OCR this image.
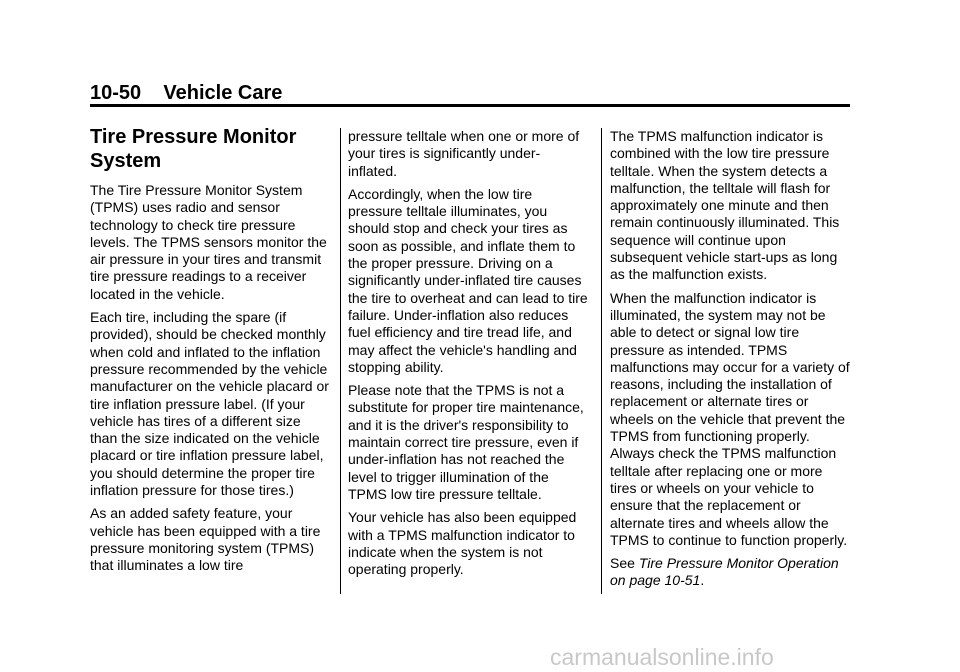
10-50 Vehicle Care
Tire Pressure Monitor System

The Tire Pressure Monitor System (TPMS) uses radio and sensor technology to check tire pressure levels. The TPMS sensors monitor the air pressure in your tires and transmit tire pressure readings to a receiver located in the vehicle.

Each tire, including the spare (if provided), should be checked monthly when cold and inflated to the inflation pressure recommended by the vehicle manufacturer on the vehicle placard or tire inflation pressure label. (If your vehicle has tires of a different size than the size indicated on the vehicle placard or tire inflation pressure label, you should determine the proper tire inflation pressure for those tires.)

As an added safety feature, your vehicle has been equipped with a tire pressure monitoring system (TPMS) that illuminates a low tire

pressure telltale when one or more of your tires is significantly under-inflated.

Accordingly, when the low tire pressure telltale illuminates, you should stop and check your tires as soon as possible, and inflate them to the proper pressure. Driving on a significantly under-inflated tire causes the tire to overheat and can lead to tire failure. Under-inflation also reduces fuel efficiency and tire tread life, and may affect the vehicle's handling and stopping ability.

Please note that the TPMS is not a substitute for proper tire maintenance, and it is the driver's responsibility to maintain correct tire pressure, even if under-inflation has not reached the level to trigger illumination of the TPMS low tire pressure telltale.

Your vehicle has also been equipped with a TPMS malfunction indicator to indicate when the system is not operating properly.

The TPMS malfunction indicator is combined with the low tire pressure telltale. When the system detects a malfunction, the telltale will flash for approximately one minute and then remain continuously illuminated. This sequence will continue upon subsequent vehicle start-ups as long as the malfunction exists.

When the malfunction indicator is illuminated, the system may not be able to detect or signal low tire pressure as intended. TPMS malfunctions may occur for a variety of reasons, including the installation of replacement or alternate tires or wheels on the vehicle that prevent the TPMS from functioning properly. Always check the TPMS malfunction telltale after replacing one or more tires or wheels on your vehicle to ensure that the replacement or alternate tires and wheels allow the TPMS to continue to function properly.

See Tire Pressure Monitor Operation on page 10-51.

carmanualsonline.info
